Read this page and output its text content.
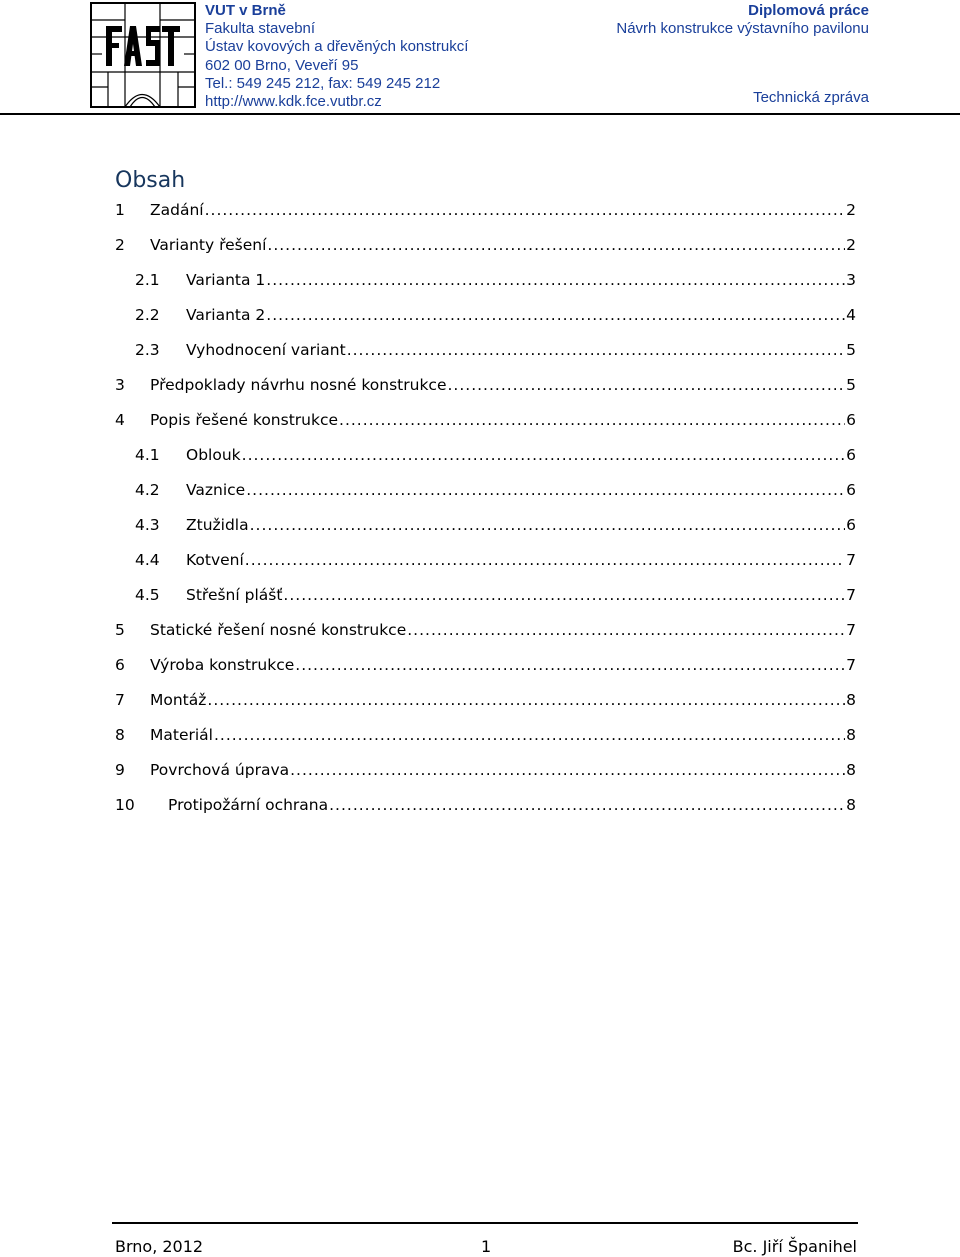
VUT v Brně
Fakulta stavební
Ústav kovových a dřevěných konstrukcí
602 00 Brno, Veveří 95
Tel.: 549 245 212, fax: 549 245 212
http://www.kdk.fce.vutbr.cz
Diplomová práce
Návrh konstrukce výstavního pavilonu
Technická zpráva
Obsah
1	Zadání .....	2
2	Varianty řešení .....	2
2.1	Varianta 1 .....	3
2.2	Varianta 2 .....	4
2.3	Vyhodnocení variant .....	5
3	Předpoklady návrhu nosné konstrukce .....	5
4	Popis řešené konstrukce .....	6
4.1	Oblouk .....	6
4.2	Vaznice .....	6
4.3	Ztužidla .....	6
4.4	Kotvení .....	7
4.5	Střešní plášť .....	7
5	Statické řešení nosné konstrukce .....	7
6	Výroba konstrukce .....	7
7	Montáž .....	8
8	Materiál .....	8
9	Povrchová úprava .....	8
10	Protipožární ochrana .....	8
Brno, 2012	1	Bc. Jiří Španihel
